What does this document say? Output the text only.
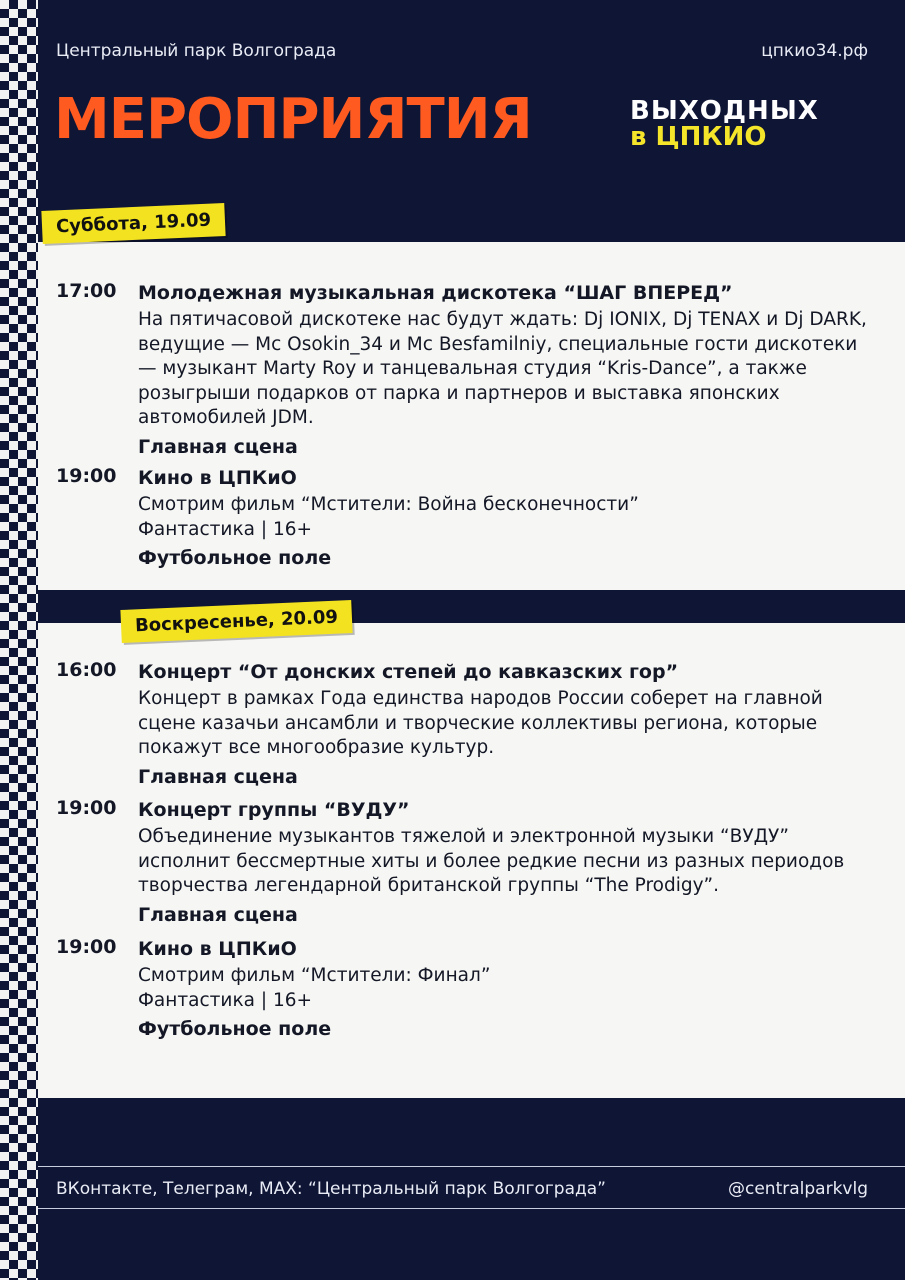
Центральный парк Волгограда	цпкио34.рф
МЕРОПРИЯТИЯ	ВЫХОДНЫХ
в ЦПКИО
Суббота, 19.09
17:00 Молодежная музыкальная дискотека “ШАГ ВПЕРЕД”
На пятичасовой дискотеке нас будут ждать: Dj IONIX, Dj TENAX и Dj DARK, ведущие — Mc Osokin_34 и Mc Besfamilniy, специальные гости дискотеки — музыкант Marty Roy и танцевальная студия “Kris-Dance”, а также розыгрыши подарков от парка и партнеров и выставка японских автомобилей JDM.
Главная сцена
19:00 Кино в ЦПКиО
Смотрим фильм “Мстители: Война бесконечности”
Фантастика | 16+
Футбольное поле
Воскресенье, 20.09
16:00 Концерт “От донских степей до кавказских гор”
Концерт в рамках Года единства народов России соберет на главной сцене казачьи ансамбли и творческие коллективы региона, которые покажут все многообразие культур.
Главная сцена
19:00 Концерт группы “ВУДУ”
Объединение музыкантов тяжелой и электронной музыки “ВУДУ” исполнит бессмертные хиты и более редкие песни из разных периодов творчества легендарной британской группы “The Prodigy”.
Главная сцена
19:00 Кино в ЦПКиО
Смотрим фильм “Мстители: Финал”
Фантастика | 16+
Футбольное поле
ВКонтакте, Телеграм, MAX: “Центральный парк Волгограда”	@centralparkvlg
